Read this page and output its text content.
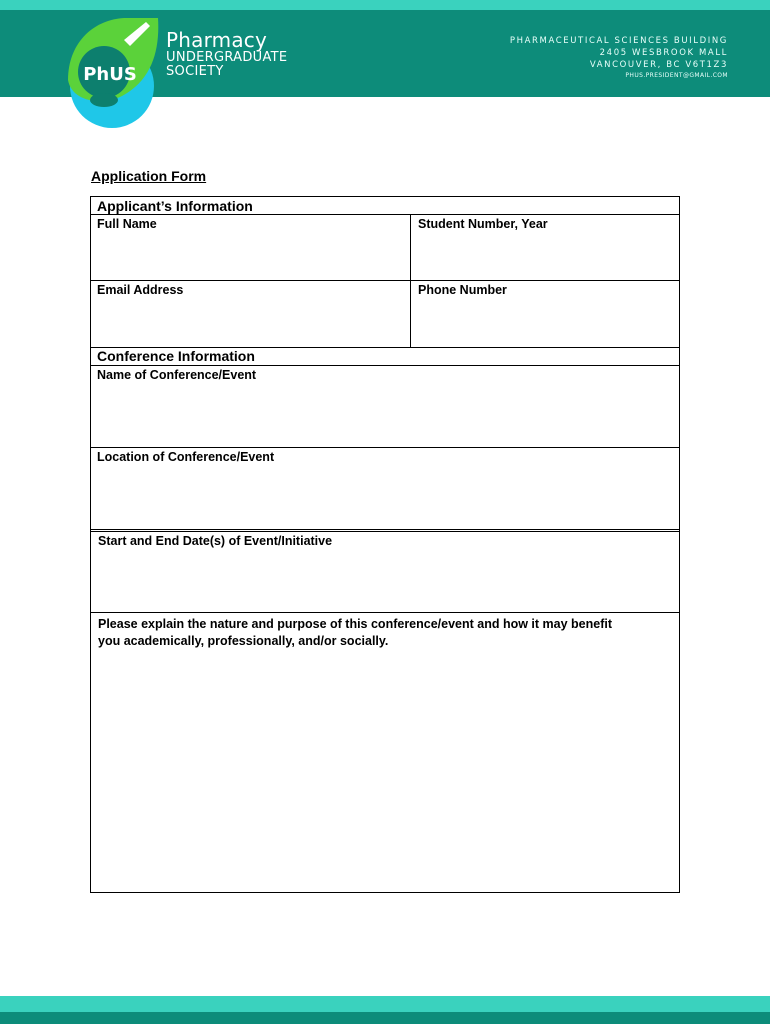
PhUS
Pharmacy
UNDERGRADUATE
SOCIETY
PHARMACEUTICAL SCIENCES BUILDING
2405 WESBROOK MALL
VANCOUVER, BC V6T1Z3
PHUS.PRESIDENT@GMAIL.COM
Application Form
Applicant’s Information
Full Name	Student Number, Year
Email Address	Phone Number
Conference Information
Name of Conference/Event
Location of Conference/Event
Start and End Date(s) of Event/Initiative
Please explain the nature and purpose of this conference/event and how it may benefit
you academically, professionally, and/or socially.
